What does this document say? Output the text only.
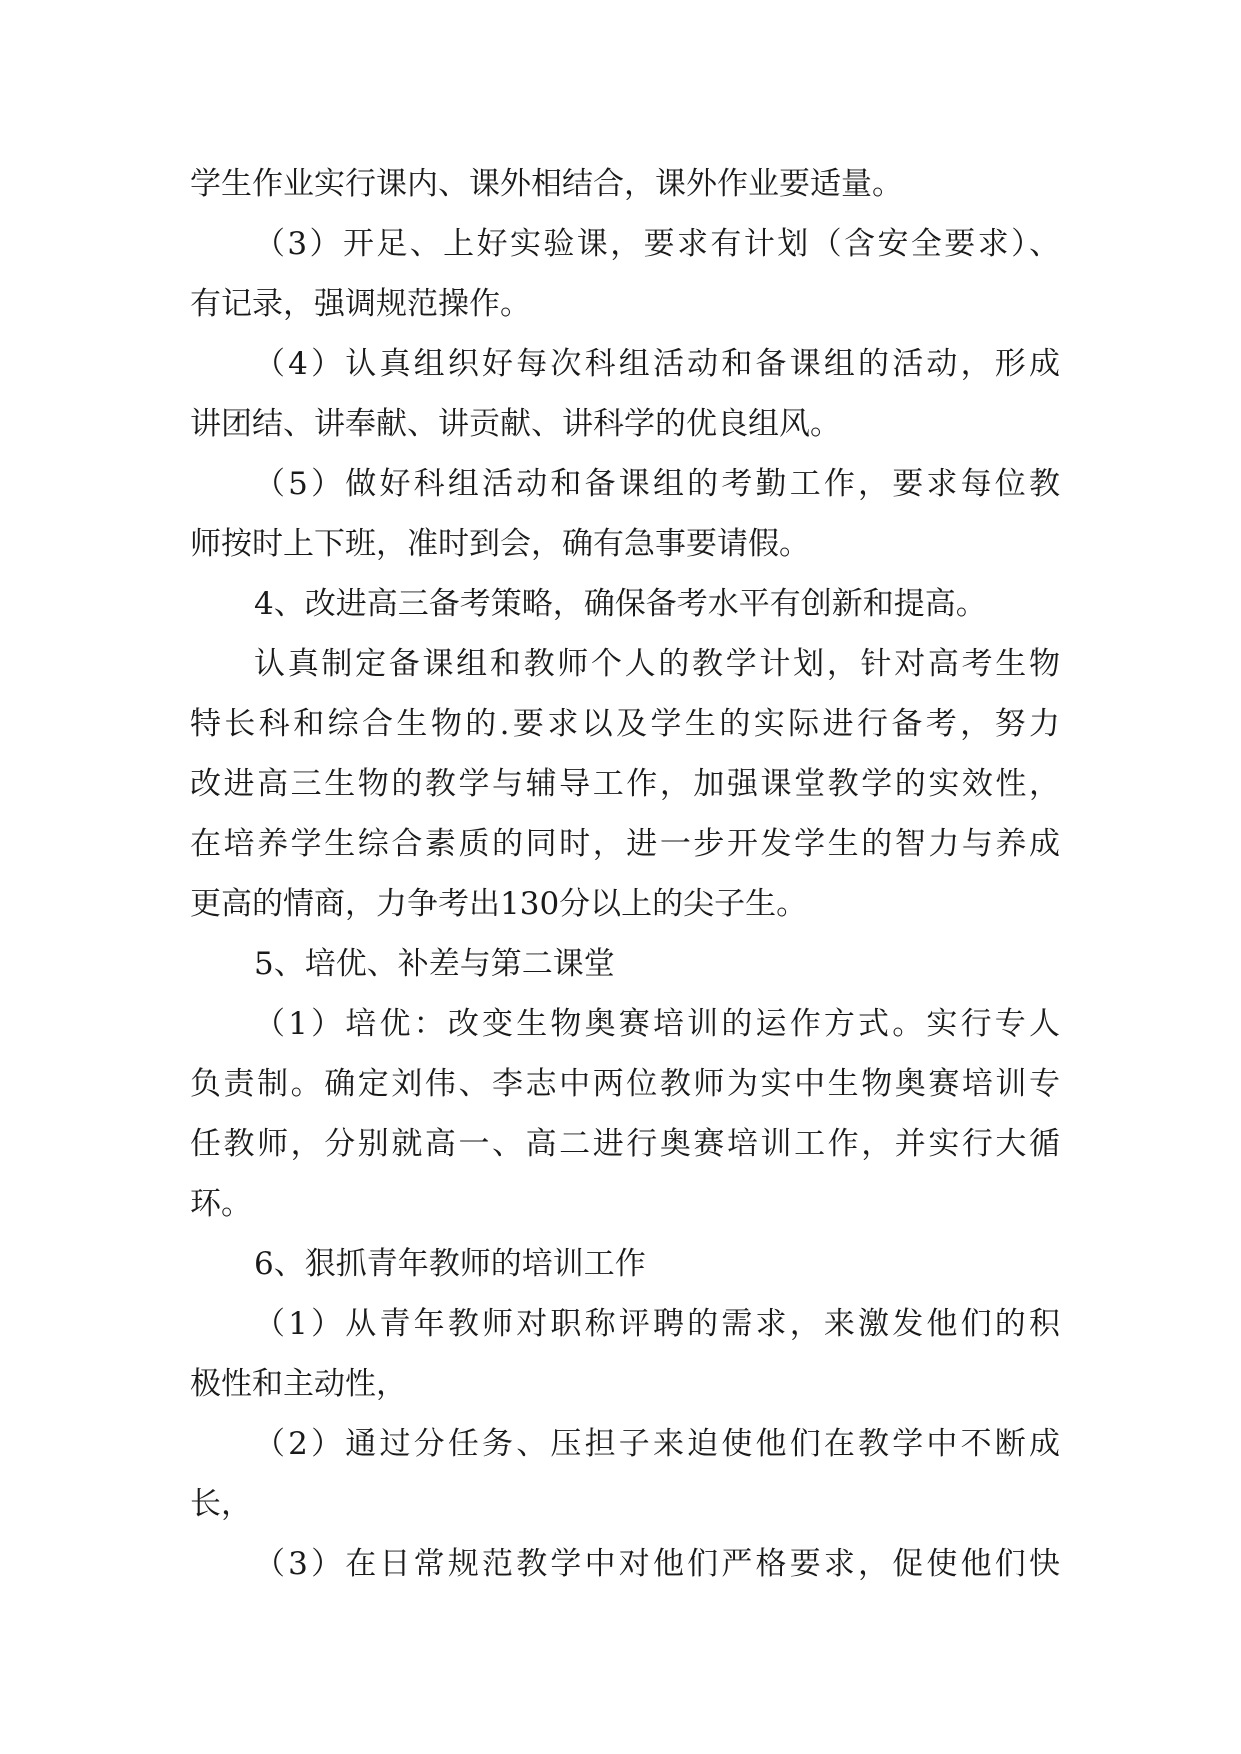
学生作业实行课内、课外相结合，课外作业要适量。
（3）开足、上好实验课，要求有计划（含安全要求）、
有记录，强调规范操作。
（4）认真组织好每次科组活动和备课组的活动，形成
讲团结、讲奉献、讲贡献、讲科学的优良组风。
（5）做好科组活动和备课组的考勤工作，要求每位教
师按时上下班，准时到会，确有急事要请假。
4、改进高三备考策略，确保备考水平有创新和提高。
认真制定备课组和教师个人的教学计划，针对高考生物
特长科和综合生物的.要求以及学生的实际进行备考，努力
改进高三生物的教学与辅导工作，加强课堂教学的实效性，
在培养学生综合素质的同时，进一步开发学生的智力与养成
更高的情商，力争考出130分以上的尖子生。
5、培优、补差与第二课堂
（1）培优：改变生物奥赛培训的运作方式。实行专人
负责制。确定刘伟、李志中两位教师为实中生物奥赛培训专
任教师，分别就高一、高二进行奥赛培训工作，并实行大循
环。
6、狠抓青年教师的培训工作
（1）从青年教师对职称评聘的需求，来激发他们的积
极性和主动性，
（2）通过分任务、压担子来迫使他们在教学中不断成
长，
（3）在日常规范教学中对他们严格要求，促使他们快
